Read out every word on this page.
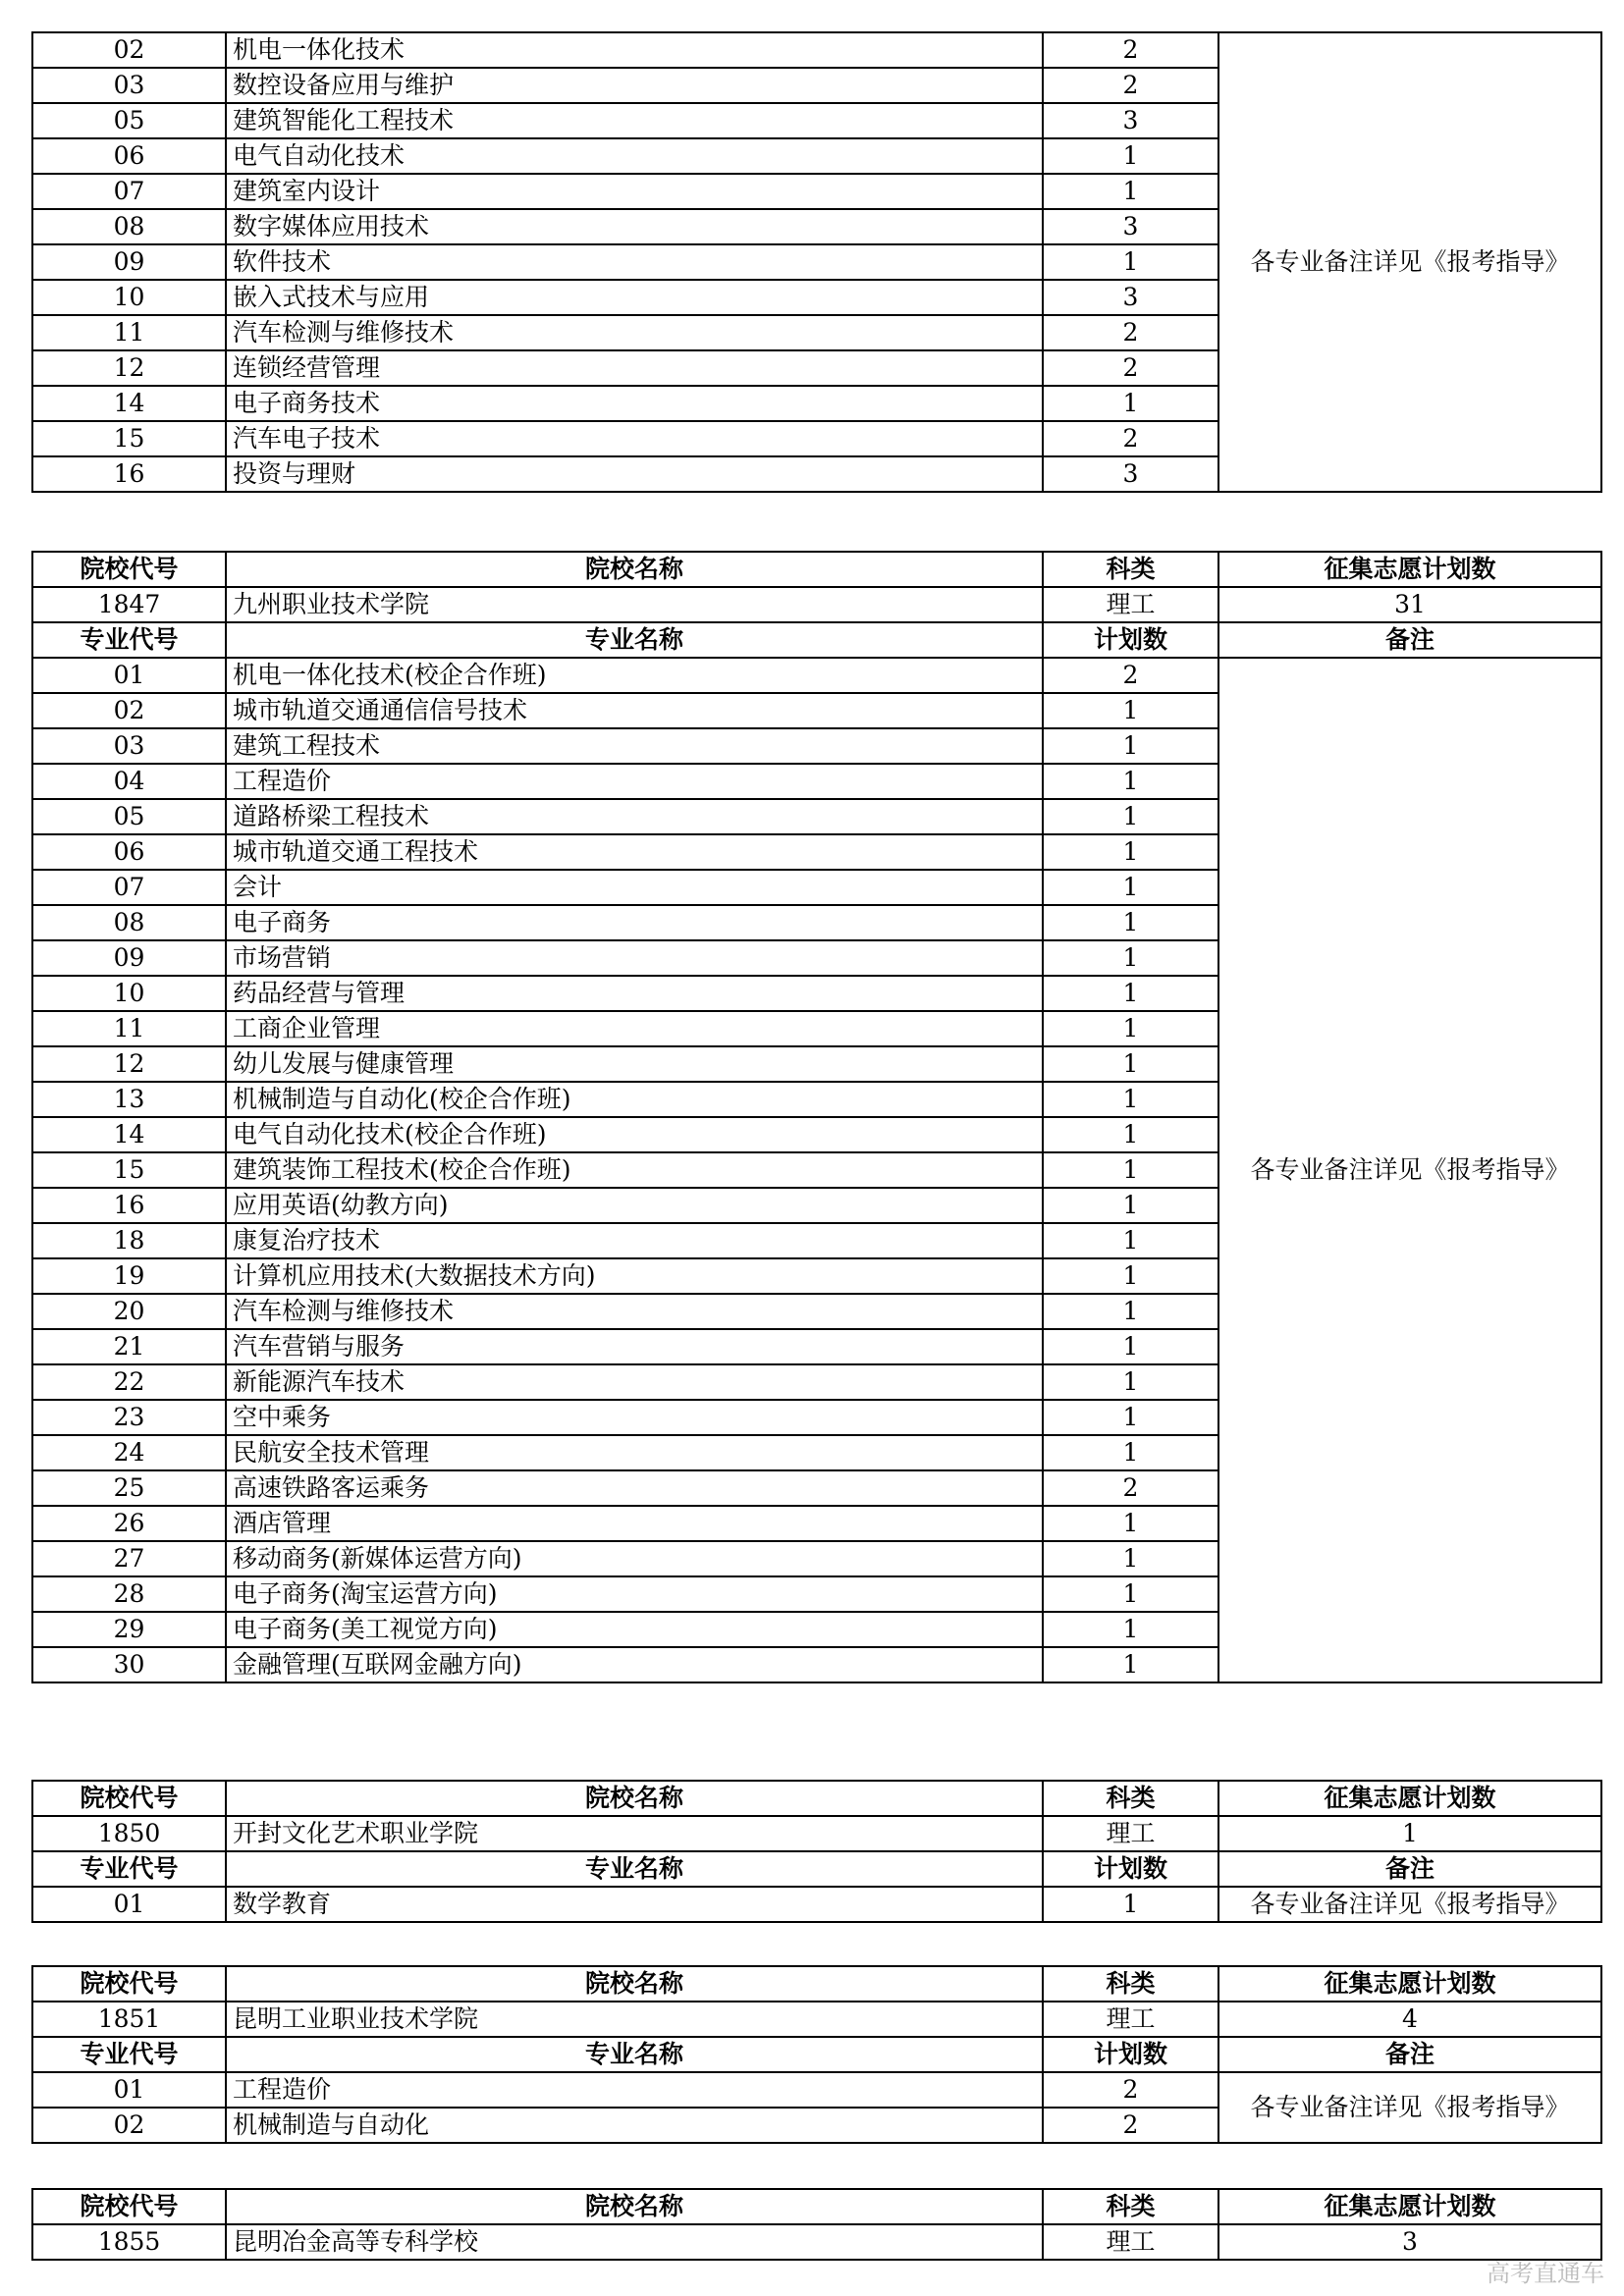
02	机电一体化技术	2	各专业备注详见《报考指导》
03	数控设备应用与维护	2	
05	建筑智能化工程技术	3	
06	电气自动化技术	1	
07	建筑室内设计	1	
08	数字媒体应用技术	3	
09	软件技术	1	
10	嵌入式技术与应用	3	
11	汽车检测与维修技术	2	
12	连锁经营管理	2	
14	电子商务技术	1	
15	汽车电子技术	2	
16	投资与理财	3	
院校代号	院校名称	科类	征集志愿计划数
1847	九州职业技术学院	理工	31
专业代号	专业名称	计划数	备注
01	机电一体化技术(校企合作班)	2	各专业备注详见《报考指导》
02	城市轨道交通通信信号技术	1	
03	建筑工程技术	1	
04	工程造价	1	
05	道路桥梁工程技术	1	
06	城市轨道交通工程技术	1	
07	会计	1	
08	电子商务	1	
09	市场营销	1	
10	药品经营与管理	1	
11	工商企业管理	1	
12	幼儿发展与健康管理	1	
13	机械制造与自动化(校企合作班)	1	
14	电气自动化技术(校企合作班)	1	
15	建筑装饰工程技术(校企合作班)	1	
16	应用英语(幼教方向)	1	
18	康复治疗技术	1	
19	计算机应用技术(大数据技术方向)	1	
20	汽车检测与维修技术	1	
21	汽车营销与服务	1	
22	新能源汽车技术	1	
23	空中乘务	1	
24	民航安全技术管理	1	
25	高速铁路客运乘务	2	
26	酒店管理	1	
27	移动商务(新媒体运营方向)	1	
28	电子商务(淘宝运营方向)	1	
29	电子商务(美工视觉方向)	1	
30	金融管理(互联网金融方向)	1	
院校代号	院校名称	科类	征集志愿计划数
1850	开封文化艺术职业学院	理工	1
专业代号	专业名称	计划数	备注
01	数学教育	1	各专业备注详见《报考指导》
院校代号	院校名称	科类	征集志愿计划数
1851	昆明工业职业技术学院	理工	4
专业代号	专业名称	计划数	备注
01	工程造价	2	各专业备注详见《报考指导》
02	机械制造与自动化	2	
院校代号	院校名称	科类	征集志愿计划数
1855	昆明冶金高等专科学校	理工	3
高考直通车
